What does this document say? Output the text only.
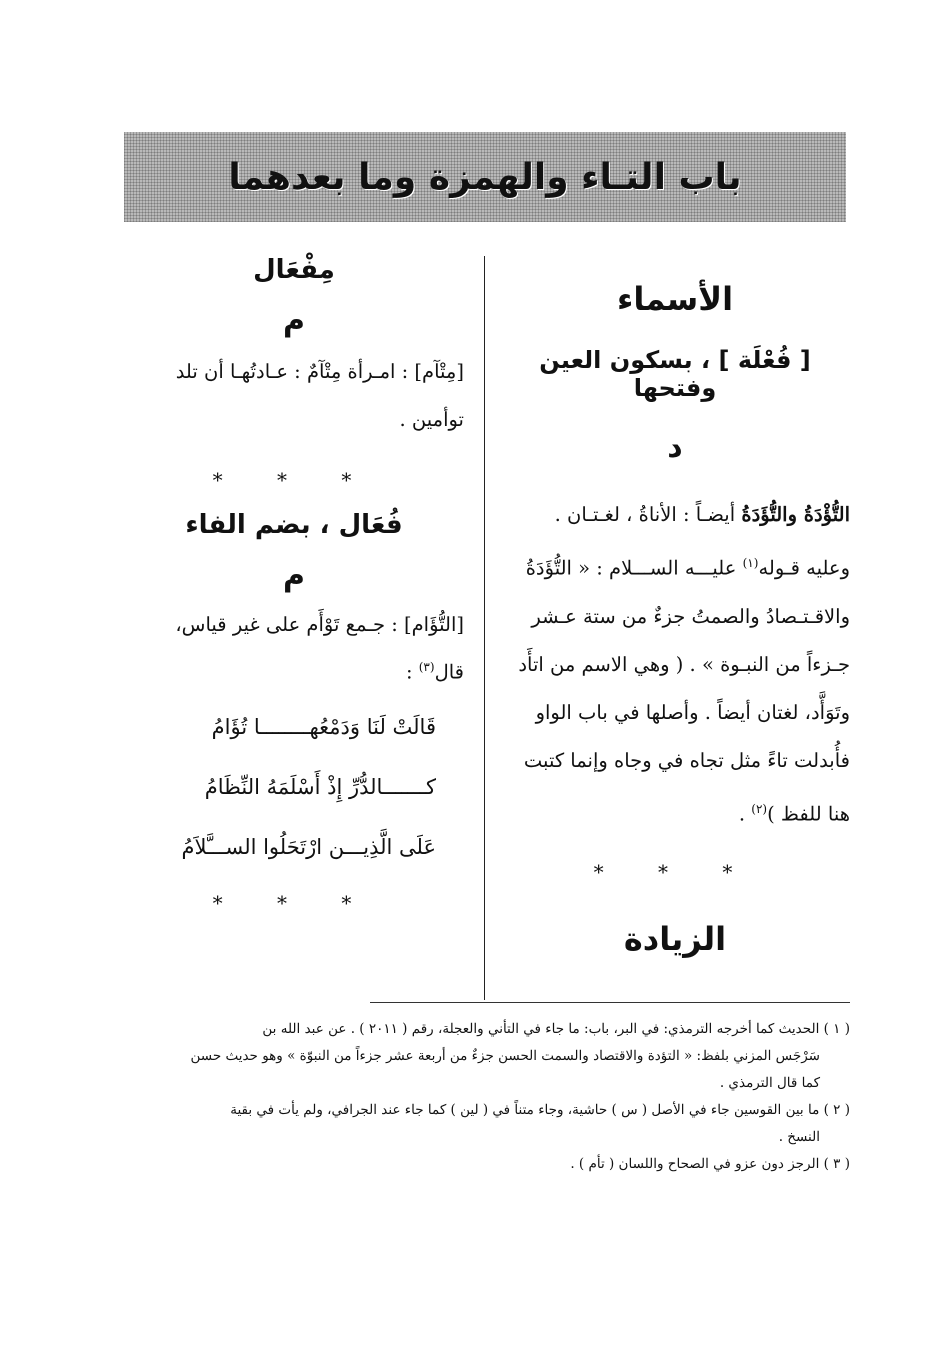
باب التـاء والهمزة وما بعدهما

الأسماء

[ فُعْلَة ] ، بسكون العين وفتحها

د

التُّؤْدَةُ والتُّؤَدَةُ أيضـاً : الأناةُ ، لغـتـان .

وعليه قـوله$^{(١)}$ عليـــه الســـلام : « التُّؤَدَةُ

والاقـتـصادُ والصمتُ جزءٌ من ستة عـشر

جـزءاً من النبـوة » . ( وهي الاسم من اتأَد

وتَوَأَّد، لغتان أيضاً . وأصلها في باب الواو

فأُبدلت تاءً مثل تجاه في وجاه وإنما كتبت

هنا للفظ )$^{(٢)}$ .

* * *

الزيادة

مِفْعَال

م

[مِتْآم] : امـرأة مِتْآمٌ : عـادتُهـا أن تلد

توأمين .

* * *

فُعَال ، بضم الفاء

م

[التُّؤَام] : جـمع تَوْأَم على غير قياس،

قال$^{(٣)}$ :

قَالَتْ لَنَا وَدَمْعُهــــــــا تُؤَامُ

كـــــــالدُّرِّ إِذْ أَسْلَمَهُ النِّظَامُ

عَلَى الَّذِيـــن ارْتَحَلُوا الســـَّلاَمُ

* * *

( ١ ) الحديث كما أخرجه الترمذي: في البر، باب: ما جاء في التأني والعجلة، رقم ( ٢٠١١ ) . عن عبد الله بن
سَرْجَس المزني بلفظ: « التؤدة والاقتصاد والسمت الحسن جزءٌ من أربعة عشر جزءاً من النبوّة » وهو حديث حسن
كما قال الترمذي .
( ٢ ) ما بين القوسين جاء في الأصل ( س ) حاشية، وجاء متناً في ( لين ) كما جاء عند الجرافي، ولم يأت في بقية
النسخ .
( ٣ ) الرجز دون عزو في الصحاح واللسان ( تأم ) .
